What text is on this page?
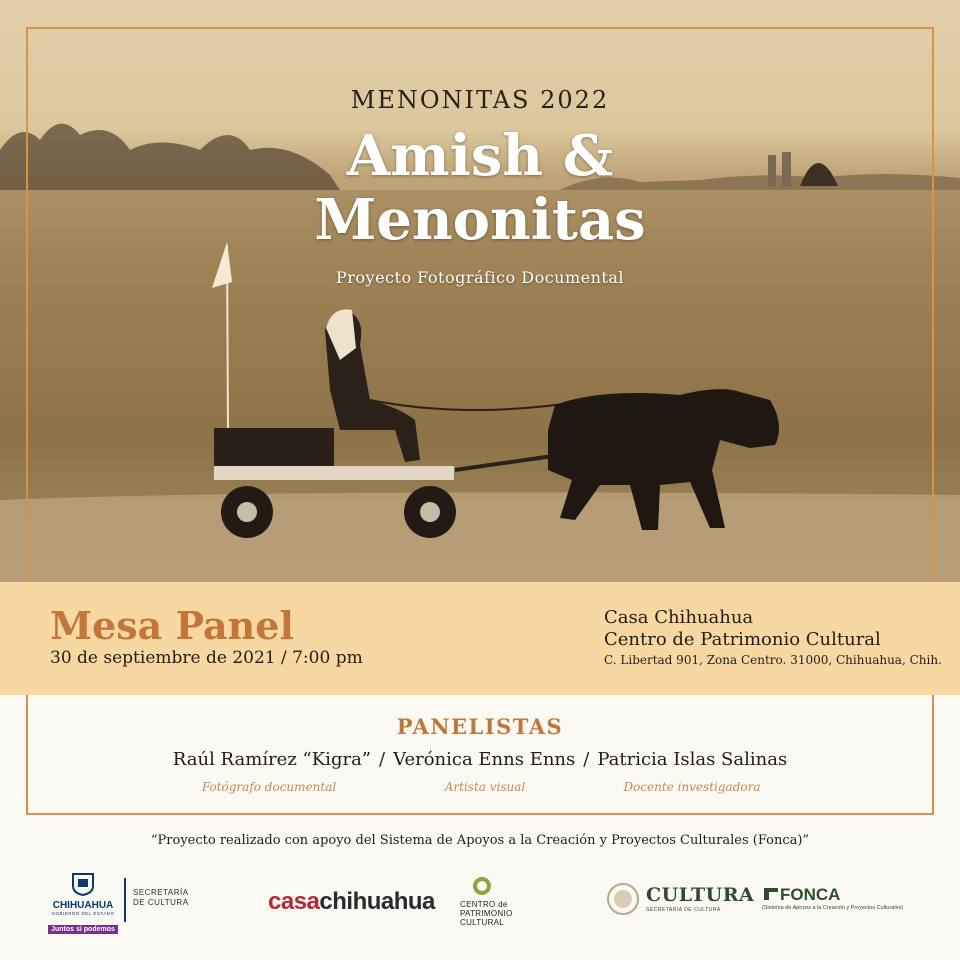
MENONITAS 2022
Amish &
Menonitas
Proyecto Fotográfico Documental
Mesa Panel
30 de septiembre de 2021 / 7:00 pm
Casa Chihuahua
Centro de Patrimonio Cultural
C. Libertad 901, Zona Centro. 31000, Chihuahua, Chih.
PANELISTAS
Raúl Ramírez “Kigra” / Verónica Enns Enns / Patricia Islas Salinas
Fotógrafo documental	Artista visual	Docente investigadora
“Proyecto realizado con apoyo del Sistema de Apoyos a la Creación y Proyectos Culturales (Fonca)”
CHIHUAHUA
GOBIERNO DEL ESTADO
Juntos sí podemos
SECRETARÍA
DE CULTURA	casachihuahua	CENTRO de
PATRIMONIO
CULTURAL
CULTURA
SECRETARÍA DE CULTURA
FONCA
(Sistema de Apoyos a la Creación y Proyectos Culturales)
